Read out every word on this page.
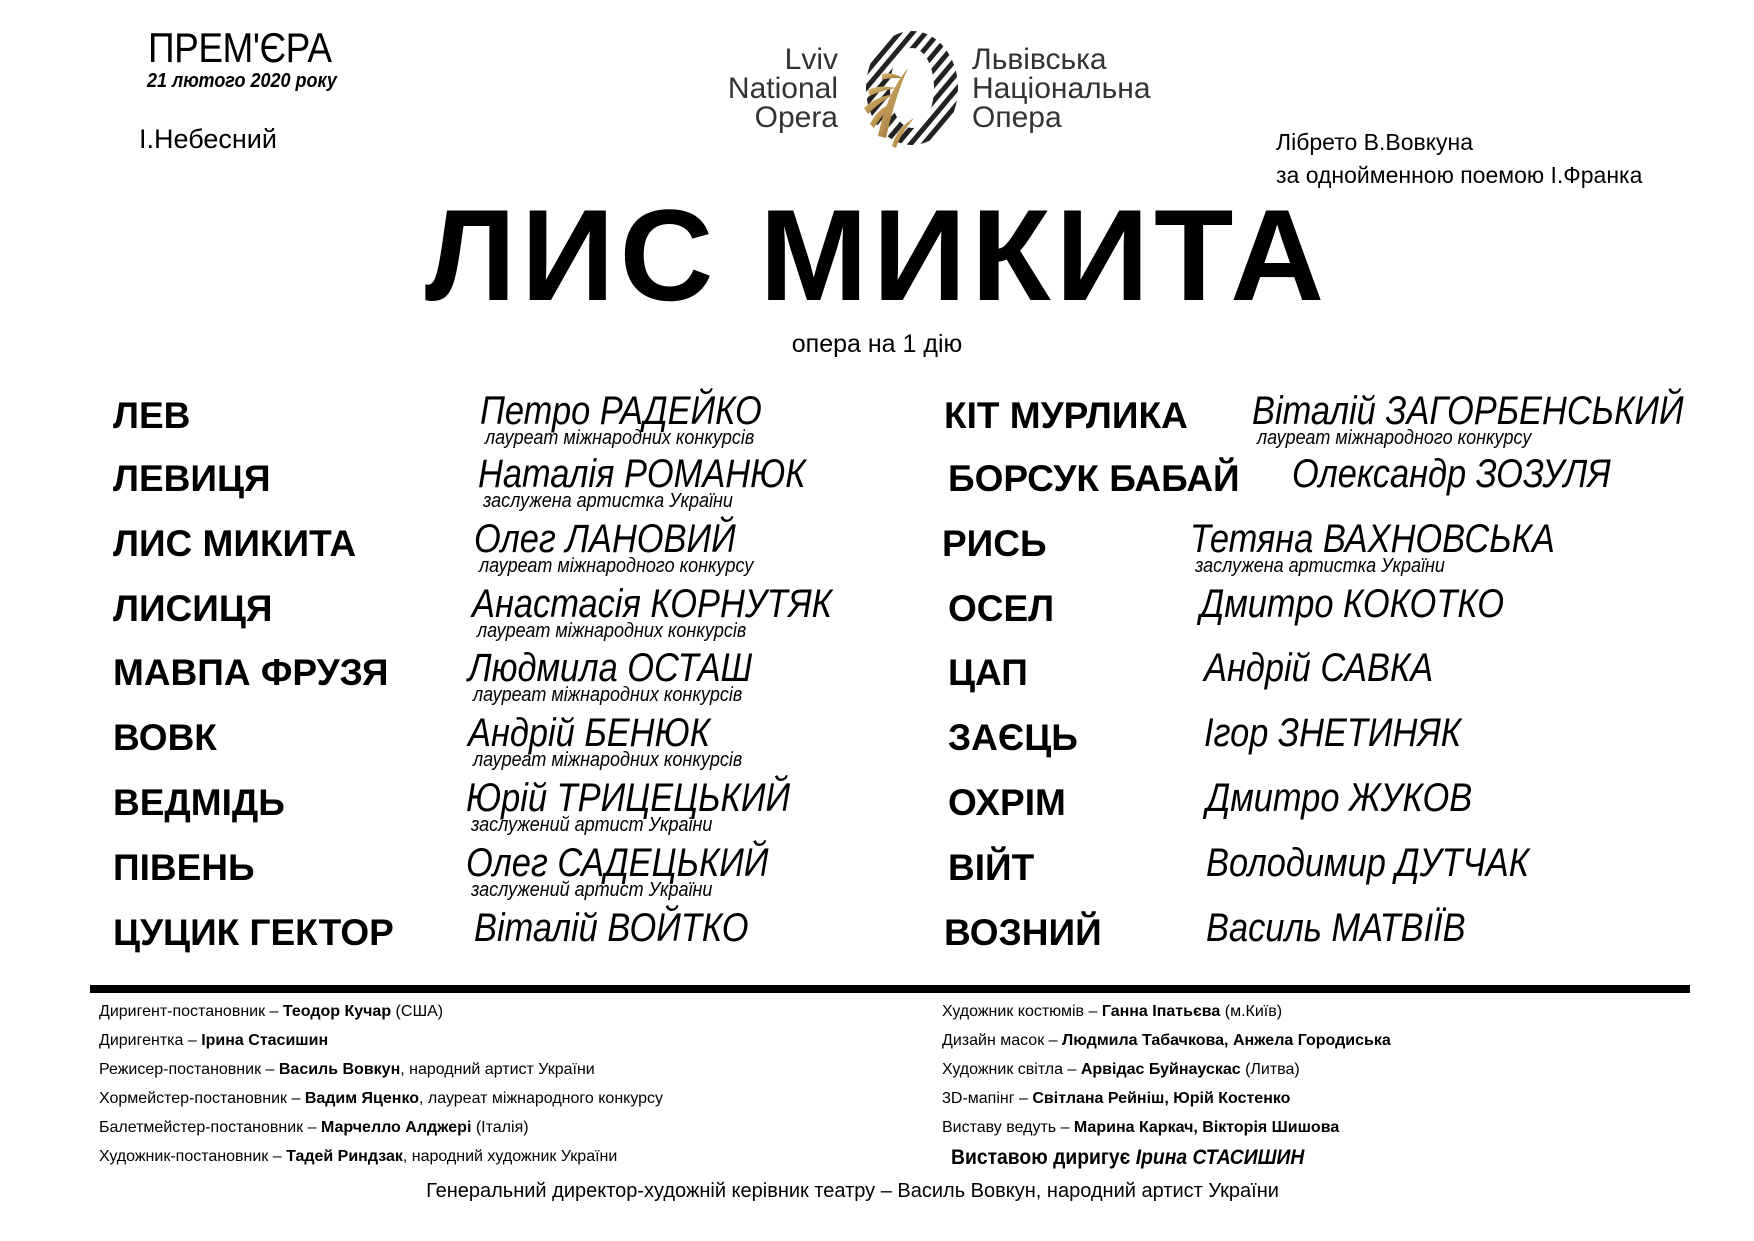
ПРЕМ'ЄРА
21 лютого 2020 року
І.Небесний	Лібрето В.Вовкуна
за однойменною поемою І.Франка
Lviv
National
Opera
Львівська
Національна
Опера
ЛИС МИКИТА
опера на 1 дію
ЛЕВ	Петро РАДЕЙКО
лауреат міжнародних конкурсів
ЛЕВИЦЯ	Наталія РОМАНЮК
заслужена артистка України
ЛИС МИКИТА	Олег ЛАНОВИЙ
лауреат міжнародного конкурсу
ЛИСИЦЯ	Анастасія КОРНУТЯК
лауреат міжнародних конкурсів
МАВПА ФРУЗЯ Людмила ОСТАШ
лауреат міжнародних конкурсів
ВОВК	Андрій БЕНЮК
лауреат міжнародних конкурсів
ВЕДМІДЬ	Юрій ТРИЦЕЦЬКИЙ
заслужений артист України
ПІВЕНЬ	Олег САДЕЦЬКИЙ
заслужений артист України
ЦУЦИК ГЕКТОР Віталій ВОЙТКО
КІТ МУРЛИКА Віталій ЗАГОРБЕНСЬКИЙ
лауреат міжнародного конкурсу
БОРСУК БАБАЙ Олександр ЗОЗУЛЯ
РИСЬ	Тетяна ВАХНОВСЬКА
заслужена артистка України
ОСЕЛ	Дмитро КОКОТКО
ЦАП	Андрій САВКА
ЗАЄЦЬ	Ігор ЗНЕТИНЯК
ОХРІМ	Дмитро ЖУКОВ
ВІЙТ	Володимир ДУТЧАК
ВОЗНИЙ	Василь МАТВІЇВ
Диригент-постановник – Теодор Кучар (США)
Диригентка – Ірина Стасишин
Режисер-постановник – Василь Вовкун, народний артист України
Хормейстер-постановник – Вадим Яценко, лауреат міжнародного конкурсу
Балетмейстер-постановник – Марчелло Алджері (Італія)
Художник-постановник – Тадей Риндзак, народний художник України
Художник костюмів – Ганна Іпатьєва (м.Київ)
Дизайн масок – Людмила Табачкова, Анжела Городиська
Художник світла – Арвідас Буйнаускас (Литва)
3D-мапінг – Світлана Рейніш, Юрій Костенко
Виставу ведуть – Марина Каркач, Вікторія Шишова
Виставою диригує Ірина СТАСИШИН
Генеральний директор-художній керівник театру – Василь Вовкун, народний артист України
